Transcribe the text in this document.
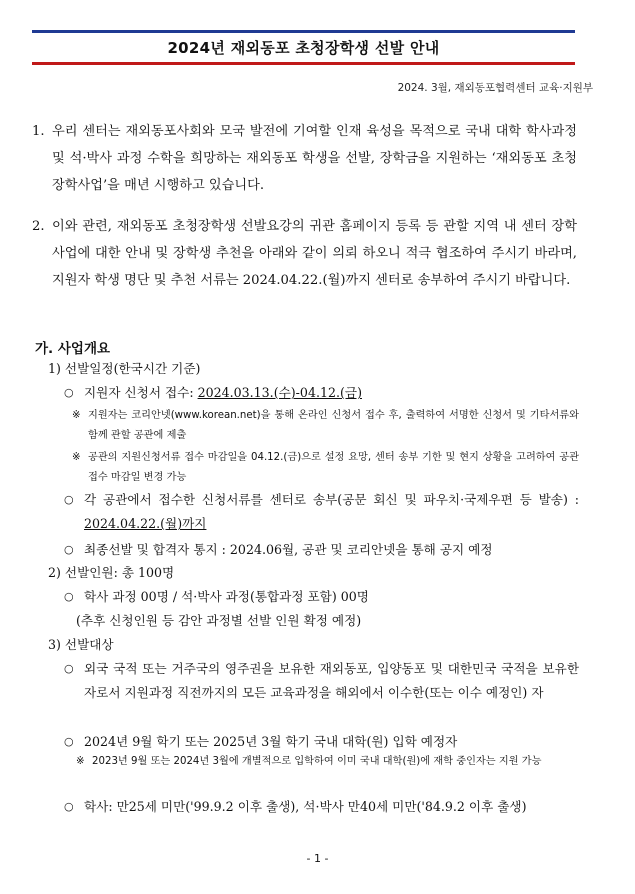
2024년 재외동포 초청장학생 선발 안내
2024. 3월, 재외동포협력센터 교육·지원부
1. 우리 센터는 재외동포사회와 모국 발전에 기여할 인재 육성을 목적으로 국내 대학 학사과정 및 석·박사 과정 수학을 희망하는 재외동포 학생을 선발, 장학금을 지원하는 ‘재외동포 초청장학사업’을 매년 시행하고 있습니다.
2. 이와 관련, 재외동포 초청장학생 선발요강의 귀관 홈페이지 등록 등 관할 지역 내 센터 장학사업에 대한 안내 및 장학생 추천을 아래와 같이 의뢰 하오니 적극 협조하여 주시기 바라며, 지원자 학생 명단 및 추천 서류는 2024.04.22.(월)까지 센터로 송부하여 주시기 바랍니다.
가. 사업개요
1) 선발일정(한국시간 기준)
○ 지원자 신청서 접수: 2024.03.13.(수)-04.12.(금)
※ 지원자는 코리안넷(www.korean.net)을 통해 온라인 신청서 접수 후, 출력하여 서명한 신청서 및 기타서류와 함께 관할 공관에 제출
※ 공관의 지원신청서류 접수 마감일을 04.12.(금)으로 설정 요망, 센터 송부 기한 및 현지 상황을 고려하여 공관 접수 마감일 변경 가능
○ 각 공관에서 접수한 신청서류를 센터로 송부(공문 회신 및 파우치·국제우편 등 발송) : 2024.04.22.(월)까지
○ 최종선발 및 합격자 통지 : 2024.06월, 공관 및 코리안넷을 통해 공지 예정
2) 선발인원: 총 100명
○ 학사 과정 00명 / 석·박사 과정(통합과정 포함) 00명
(추후 신청인원 등 감안 과정별 선발 인원 확정 예정)
3) 선발대상
○ 외국 국적 또는 거주국의 영주권을 보유한 재외동포, 입양동포 및 대한민국 국적을 보유한 자로서 지원과정 직전까지의 모든 교육과정을 해외에서 이수한(또는 이수 예정인) 자
○ 2024년 9월 학기 또는 2025년 3월 학기 국내 대학(원) 입학 예정자
※ 2023년 9월 또는 2024년 3월에 개별적으로 입학하여 이미 국내 대학(원)에 재학 중인자는 지원 가능
○ 학사: 만25세 미만('99.9.2 이후 출생), 석·박사 만40세 미만('84.9.2 이후 출생)
- 1 -
